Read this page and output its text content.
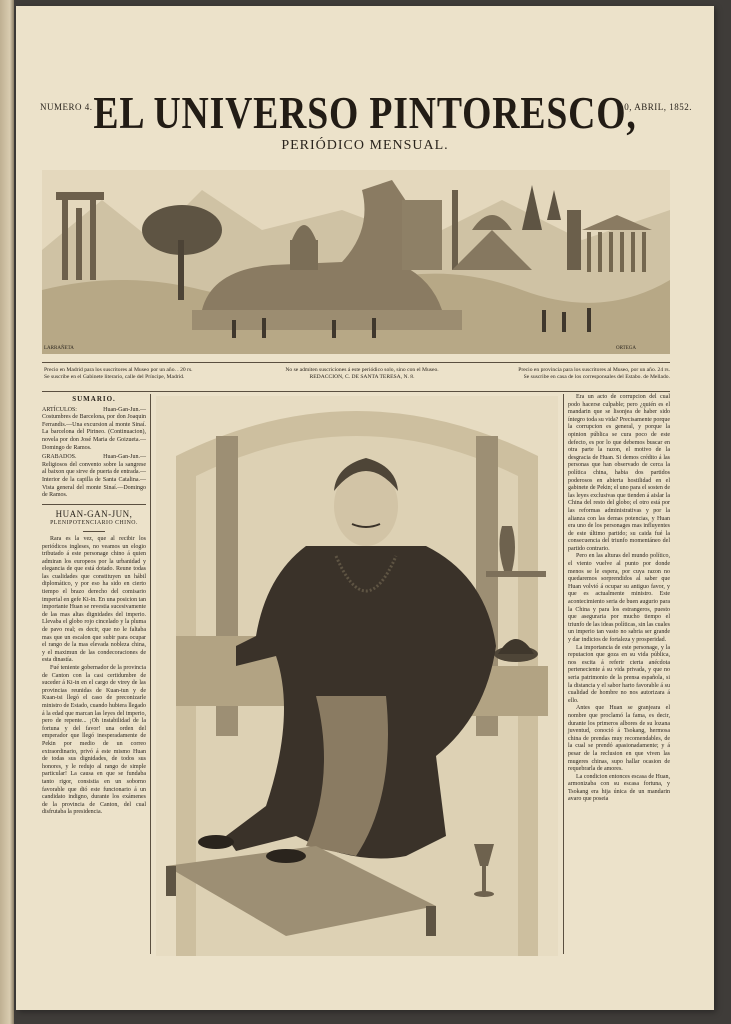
NUMERO 4. EL UNIVERSO PINTORESCO,
10, ABRIL, 1852.
PERIÓDICO MENSUAL.
LARRAÑETA	ORTEGA
Precio en Madrid para los suscritores al Museo por un año. . 20 rs.
Se suscribe en el Gabinete literario, calle del Príncipe, Madrid.
No se admiten suscriciones á este periódico solo, sino con el Museo.
REDACCION, C. DE SANTA TERESA, N. 8.
Precio en provincia para los suscritores al Museo, por un año. 24 rs.
Se suscribe en casa de los corresponsales del Estabo. de Mellado.
SUMARIO.

ARTÍCULOS: Huan-Gan-Jun.—Costumbres de Barcelona, por don Joaquin Ferrandis.—Una excursion al monte Sinaí. La barcelona del Pirineo. (Continuacion), novela por don José Maria de Goizueta.—Domingo de Ramos.

GRABADOS. Huan-Gan-Jun.—Religiosos del convento sobre la sangrese al baixon que sirve de puerta de entrada.—Interior de la capilla de Santa Catalina.—Vista general del monte Sinaí.—Domingo de Ramos.

HUAN-GAN-JUN,
PLENIPOTENCIARIO CHINO.

Rara es la vez, que al recibir los periódicos ingleses, no veamos un elogio tributado á este personage chino á quien admiran los europeos por la urbanidad y elegancia de que está dotado. Reune todas las cualidades que constituyen un hábil diplomático, y por eso ha sido en cierto tiempo el brazo derecho del comisario imperial en gefe Ki-in. En una posicion tan importante Huan se revestia sucesivamente de las mas altas dignidades del imperio. Llevaba el globo rojo cincelado y la pluma de pavo real; es decir, que no le faltaba mas que un escalon que subir para ocupar el rango de la mas elevada nobleza china, y el maximun de las condecoraciones de esta dinastía.

Fué teniente gobernador de la provincia de Canton con la casi certidumbre de suceder á Ki-in en el cargo de virey de las provincias reunidas de Kuan-tun y de Kuan-tsi llegó el caso de preconizarle ministro de Estado, cuando hubiera llegado á la edad que marcan las leyes del imperio, pero de repente... ¡Oh instabilidad de la fortuna y del favor! una orden del emperador que llegó inesperadamente de Pekin por medio de un correo extraordinario, privó á este mismo Huan de todas sus dignidades, de todos sus honores, y le redujo al rango de simple particular! La causa en que se fundaba tanto rigor, consistia en un soborno favorable que dió este funcionario á un candidato indigno, durante los exámenes de la provincia de Canton, del cual disfrutaba la presidencia.

Era un acto de corrupcion del cual podo hacerse culpable; pero ¿quién es el mandarin que se lisonjea de haber sido íntegro toda su vida? Precisamente porque la corrupcion es general, y porque la opinion pública se cura poco de este defecto, es por lo que debemos buscar en otra parte la razon, el motivo de la desgracia de Huan. Si demos crédito á las personas que han observado de cerca la política china, habia dos partidos poderosos en abierta hostilidad en el gabinete de Pekin; el uno para el sosten de las leyes exclusivas que tienden á aislar la China del resto del globo; el otro está por las reformas administrativas y por la alianza con las demas potencias, y Huan era uno de los personages mas influyentes de este último partido; su caida fué la consecuencia del triunfo momentáneo del partido contrario.

Pero en las alturas del mundo político, el viento vuelve al punto por donde menos se le espera, por cuya razon no quedaremos sorprendidos al saber que Huan volvió á ocupar su antiguo favor, y que es actualmente ministro. Este acontecimiento seria de buen augurio para la China y para los estrangeros, puesto que aseguraria por mucho tiempo el triunfo de las ideas políticas, sin las cuales un imperio tan vasto no sabria ser grande y dar indicios de fortaleza y prosperidad.

La importancia de este personage, y la reputacion que goza en su vida pública, nos escita á referir cierta anécdota perteneciente á su vida privada, y que no seria patrimonio de la prensa española, si la distancia y el sabor harto favorable á su cualidad de hombre no nos autorizara á ello.

Antes que Huan se granjeara el nombre que proclamó la fama, es decir, durante los primeros albores de su lozana juventud, conoció á Tsokang, hermosa china de prendas muy recomendables, de la cual se prendó apasionadamente; y á pesar de la reclusion en que viven las mugeres chinas, supo hallar ocasion de requebrarla de amores.

La condicion entonces escasa de Huan, armonizaba con su escasa fortuna, y Tsokang era hija única de un mandarin avaro que poseia
